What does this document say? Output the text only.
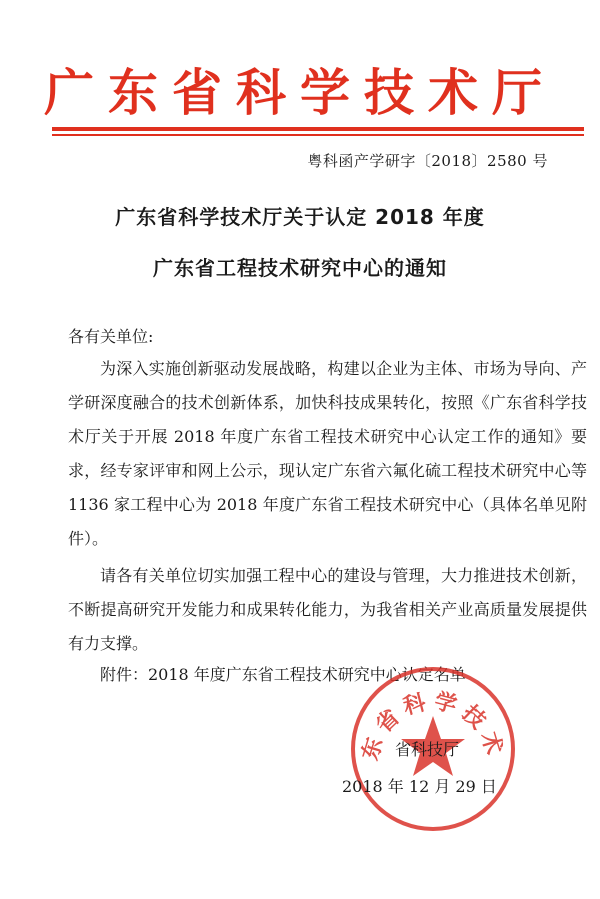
广东省科学技术厅
粤科函产学研字〔2018〕2580 号
广东省科学技术厅关于认定 2018 年度
广东省工程技术研究中心的通知
各有关单位:

为深入实施创新驱动发展战略，构建以企业为主体、市场为导向、产学研深度融合的技术创新体系，加快科技成果转化，按照《广东省科学技术厅关于开展 2018 年度广东省工程技术研究中心认定工作的通知》要求，经专家评审和网上公示，现认定广东省六氟化硫工程技术研究中心等 1136 家工程中心为 2018 年度广东省工程技术研究中心（具体名单见附件）。

请各有关单位切实加强工程中心的建设与管理，大力推进技术创新，不断提高研究开发能力和成果转化能力，为我省相关产业高质量发展提供有力支撑。

附件：2018 年度广东省工程技术研究中心认定名单

东省科学技术
省科技厅
2018 年 12 月 29 日
